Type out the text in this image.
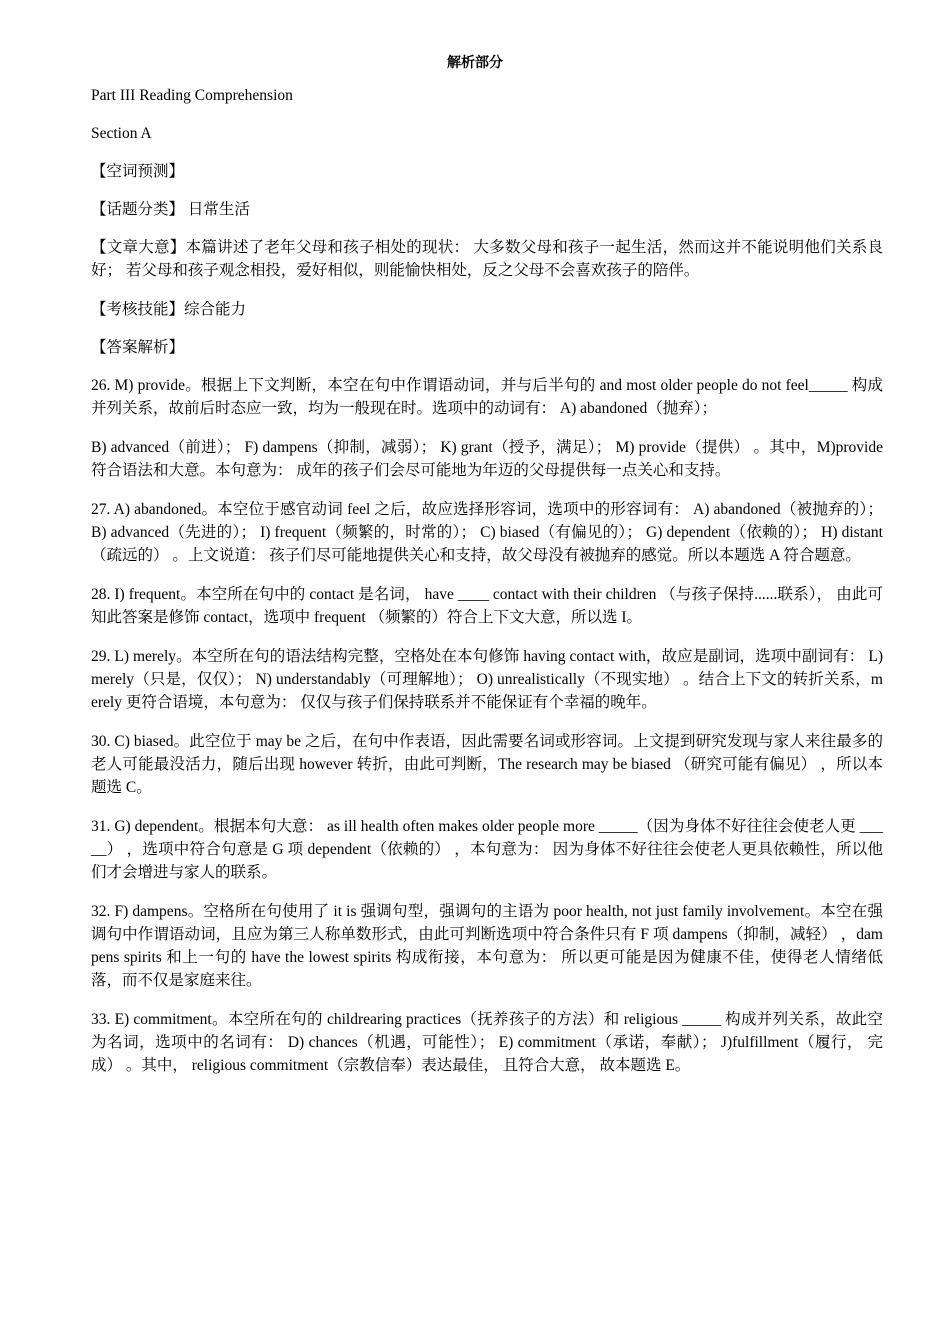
解析部分

Part III Reading Comprehension

Section A

【空词预测】

【话题分类】 日常生活

【文章大意】本篇讲述了老年父母和孩子相处的现状： 大多数父母和孩子一起生活，然而这并不能说明他们关系良好； 若父母和孩子观念相投，爱好相似，则能愉快相处，反之父母不会喜欢孩子的陪伴。

【考核技能】综合能力

【答案解析】

26. M) provide。根据上下文判断，本空在句中作谓语动词，并与后半句的 and most older people do not feel_____ 构成并列关系，故前后时态应一致，均为一般现在时。选项中的动词有： A) abandoned（抛弃）；

B) advanced（前进）； F) dampens（抑制，减弱）； K) grant（授予，满足）； M) provide（提供） 。其中，M)provide 符合语法和大意。本句意为： 成年的孩子们会尽可能地为年迈的父母提供每一点关心和支持。

27. A) abandoned。本空位于感官动词 feel 之后，故应选择形容词，选项中的形容词有： A) abandoned（被抛弃的）； B) advanced（先进的）； I) frequent（频繁的，时常的）； C) biased（有偏见的）； G) dependent（依赖的）； H) distant（疏远的） 。上文说道： 孩子们尽可能地提供关心和支持，故父母没有被抛弃的感觉。所以本题选 A 符合题意。

28. I) frequent。本空所在句中的 contact 是名词， have ____ contact with their children （与孩子保持......联系）， 由此可知此答案是修饰 contact，选项中 frequent （频繁的）符合上下文大意，所以选 I。

29. L) merely。本空所在句的语法结构完整，空格处在本句修饰 having contact with，故应是副词，选项中副词有： L) merely（只是，仅仅）； N) understandably（可理解地）； O) unrealistically（不现实地） 。结合上下文的转折关系，merely 更符合语境，本句意为： 仅仅与孩子们保持联系并不能保证有个幸福的晚年。

30. C) biased。此空位于 may be 之后，在句中作表语，因此需要名词或形容词。上文提到研究发现与家人来往最多的老人可能最没活力，随后出现 however 转折，由此可判断，The research may be biased （研究可能有偏见） ，所以本题选 C。

31. G) dependent。根据本句大意： as ill health often makes older people more _____（因为身体不好往往会使老人更 _____） ，选项中符合句意是 G 项 dependent（依赖的） ，本句意为： 因为身体不好往往会使老人更具依赖性，所以他们才会增进与家人的联系。

32. F) dampens。空格所在句使用了 it is 强调句型，强调句的主语为 poor health, not just family involvement。本空在强调句中作谓语动词，且应为第三人称单数形式，由此可判断选项中符合条件只有 F 项 dampens（抑制，减轻） ，dampens spirits 和上一句的 have the lowest spirits 构成衔接，本句意为： 所以更可能是因为健康不佳，使得老人情绪低落，而不仅是家庭来往。

33. E) commitment。本空所在句的 childrearing practices（抚养孩子的方法）和 religious _____ 构成并列关系，故此空为名词，选项中的名词有： D) chances（机遇，可能性）； E) commitment（承诺，奉献）； J)fulfillment（履行， 完成） 。其中， religious commitment（宗教信奉）表达最佳， 且符合大意， 故本题选 E。
